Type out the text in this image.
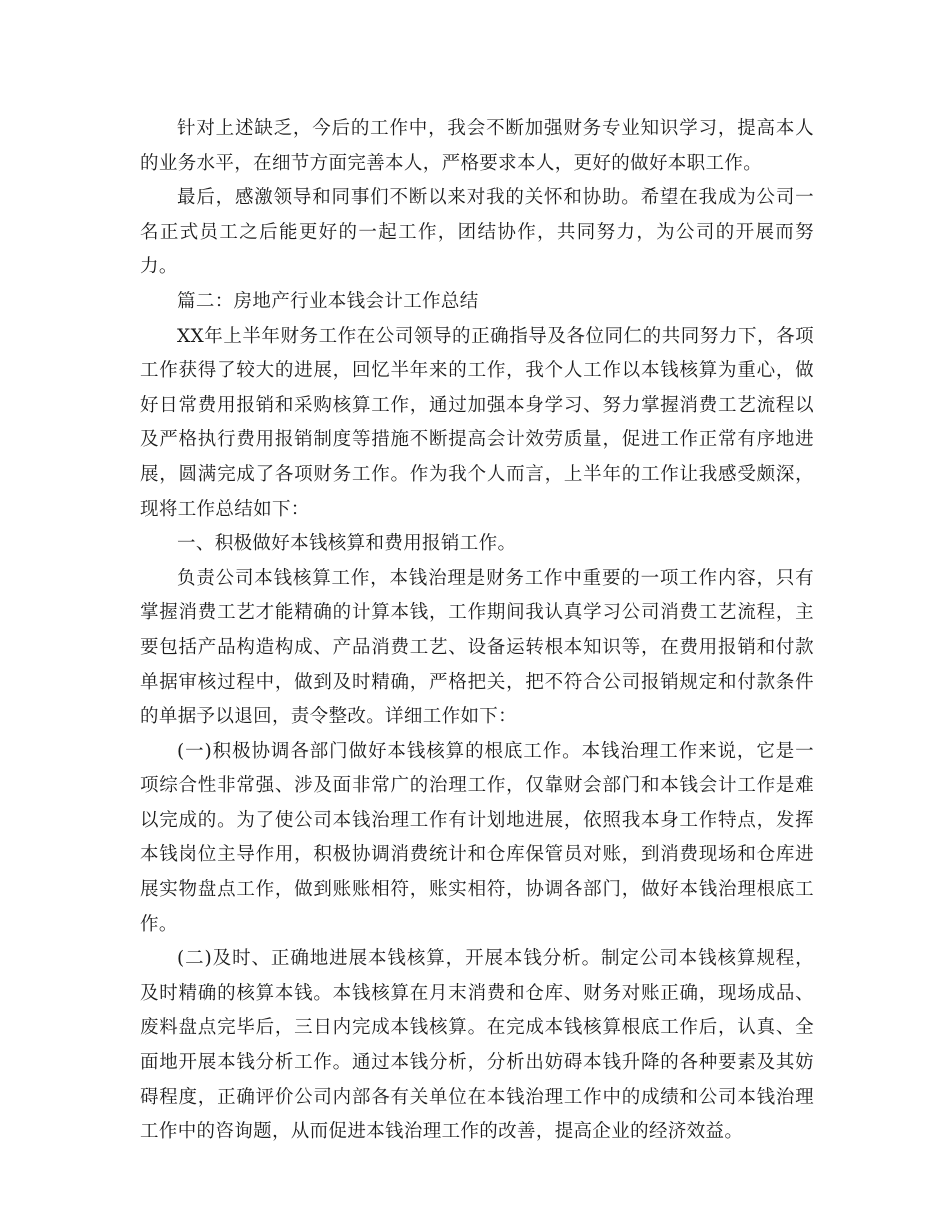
针对上述缺乏，今后的工作中，我会不断加强财务专业知识学习，提高本人的业务水平，在细节方面完善本人，严格要求本人，更好的做好本职工作。

最后，感激领导和同事们不断以来对我的关怀和协助。希望在我成为公司一名正式员工之后能更好的一起工作，团结协作，共同努力，为公司的开展而努力。

篇二：房地产行业本钱会计工作总结

XX年上半年财务工作在公司领导的正确指导及各位同仁的共同努力下，各项工作获得了较大的进展，回忆半年来的工作，我个人工作以本钱核算为重心，做好日常费用报销和采购核算工作，通过加强本身学习、努力掌握消费工艺流程以及严格执行费用报销制度等措施不断提高会计效劳质量，促进工作正常有序地进展，圆满完成了各项财务工作。作为我个人而言，上半年的工作让我感受颇深，现将工作总结如下：

一、积极做好本钱核算和费用报销工作。

负责公司本钱核算工作，本钱治理是财务工作中重要的一项工作内容，只有掌握消费工艺才能精确的计算本钱，工作期间我认真学习公司消费工艺流程，主要包括产品构造构成、产品消费工艺、设备运转根本知识等，在费用报销和付款单据审核过程中，做到及时精确，严格把关，把不符合公司报销规定和付款条件的单据予以退回，责令整改。详细工作如下：

(一)积极协调各部门做好本钱核算的根底工作。本钱治理工作来说，它是一项综合性非常强、涉及面非常广的治理工作，仅靠财会部门和本钱会计工作是难以完成的。为了使公司本钱治理工作有计划地进展，依照我本身工作特点，发挥本钱岗位主导作用，积极协调消费统计和仓库保管员对账，到消费现场和仓库进展实物盘点工作，做到账账相符，账实相符，协调各部门，做好本钱治理根底工作。

(二)及时、正确地进展本钱核算，开展本钱分析。制定公司本钱核算规程，及时精确的核算本钱。本钱核算在月末消费和仓库、财务对账正确，现场成品、废料盘点完毕后，三日内完成本钱核算。在完成本钱核算根底工作后，认真、全面地开展本钱分析工作。通过本钱分析，分析出妨碍本钱升降的各种要素及其妨碍程度，正确评价公司内部各有关单位在本钱治理工作中的成绩和公司本钱治理工作中的咨询题，从而促进本钱治理工作的改善，提高企业的经济效益。
